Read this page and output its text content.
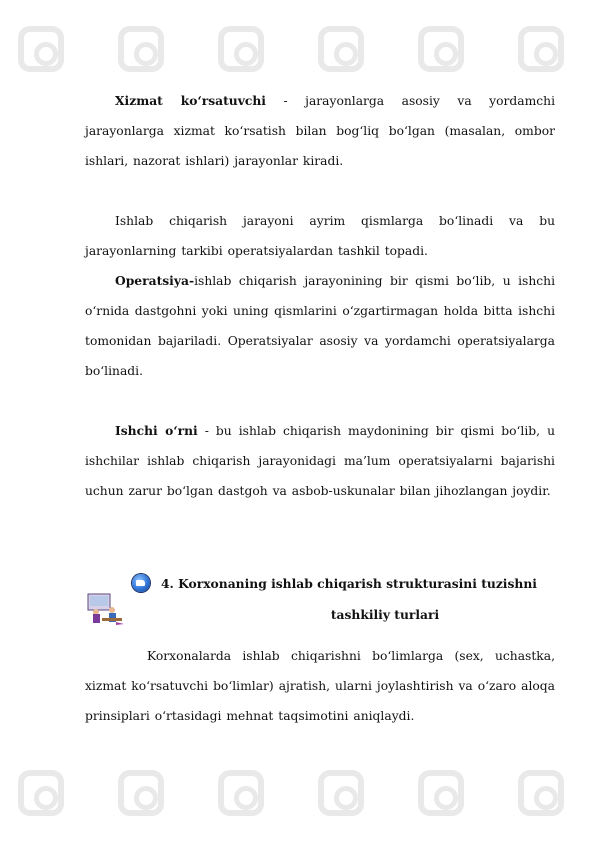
Xizmat ko‘rsatuvchi - jarayonlarga asosiy va yordamchi jarayonlarga xizmat ko‘rsatish bilan bog‘liq bo‘lgan (masalan, ombor ishlari, nazorat ishlari) jarayonlar kiradi.

Ishlab chiqarish jarayoni ayrim qismlarga bo‘linadi va bu jarayonlarning tarkibi operatsiyalardan tashkil topadi.

Operatsiya-ishlab chiqarish jarayonining bir qismi bo‘lib, u ishchi o‘rnida dastgohni yoki uning qismlarini o‘zgartirmagan holda bitta ishchi tomonidan bajariladi. Operatsiyalar asosiy va yordamchi operatsiyalarga bo‘linadi.

Ishchi o‘rni - bu ishlab chiqarish maydonining bir qismi bo‘lib, u ishchilar ishlab chiqarish jarayonidagi ma’lum operatsiyalarni bajarishi uchun zarur bo‘lgan dastgoh va asbob-uskunalar bilan jihozlangan joydir.

4. Korxonaning ishlab chiqarish strukturasini tuzishni
tashkiliy turlari

Korxonalarda ishlab chiqarishni bo‘limlarga (sex, uchastka, xizmat ko‘rsatuvchi bo‘limlar) ajratish, ularni joylashtirish va o‘zaro aloqa prinsiplari o‘rtasidagi mehnat taqsimotini aniqlaydi.
